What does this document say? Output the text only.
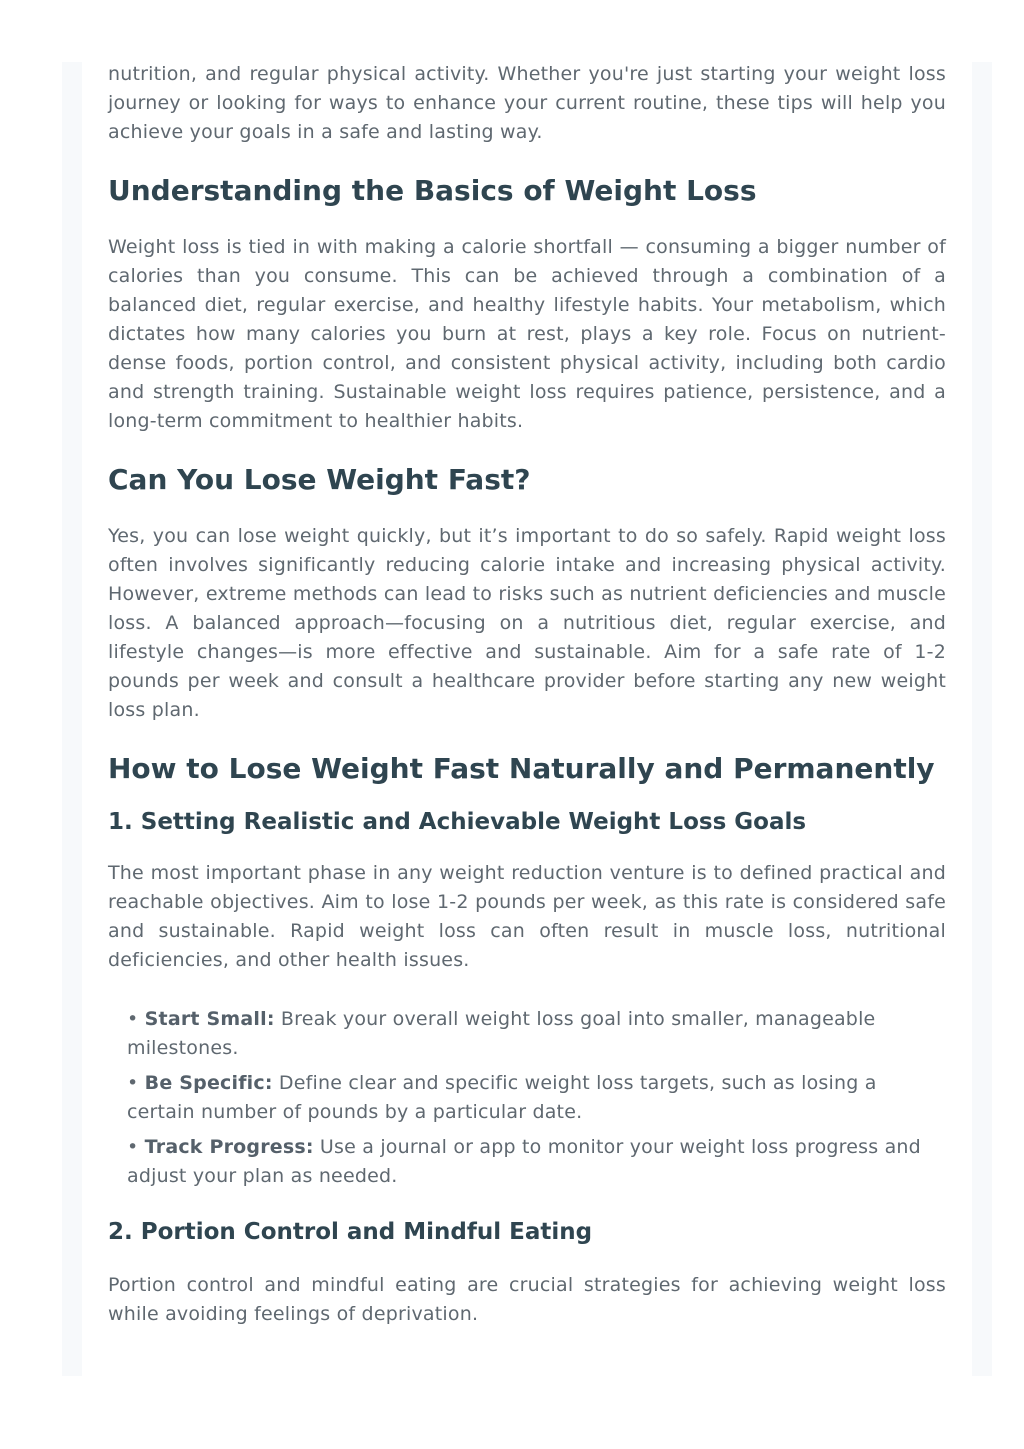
nutrition, and regular physical activity. Whether you're just starting your weight loss journey or looking for ways to enhance your current routine, these tips will help you achieve your goals in a safe and lasting way.

Understanding the Basics of Weight Loss

Weight loss is tied in with making a calorie shortfall — consuming a bigger number of calories than you consume. This can be achieved through a combination of a balanced diet, regular exercise, and healthy lifestyle habits. Your metabolism, which dictates how many calories you burn at rest, plays a key role. Focus on nutrient-dense foods, portion control, and consistent physical activity, including both cardio and strength training. Sustainable weight loss requires patience, persistence, and a long-term commitment to healthier habits.

Can You Lose Weight Fast?

Yes, you can lose weight quickly, but it’s important to do so safely. Rapid weight loss often involves significantly reducing calorie intake and increasing physical activity. However, extreme methods can lead to risks such as nutrient deficiencies and muscle loss. A balanced approach—focusing on a nutritious diet, regular exercise, and lifestyle changes—is more effective and sustainable. Aim for a safe rate of 1-2 pounds per week and consult a healthcare provider before starting any new weight loss plan.

How to Lose Weight Fast Naturally and Permanently
1. Setting Realistic and Achievable Weight Loss Goals

The most important phase in any weight reduction venture is to defined practical and reachable objectives. Aim to lose 1-2 pounds per week, as this rate is considered safe and sustainable. Rapid weight loss can often result in muscle loss, nutritional deficiencies, and other health issues.

• Start Small: Break your overall weight loss goal into smaller, manageable milestones.
• Be Specific: Define clear and specific weight loss targets, such as losing a certain number of pounds by a particular date.
• Track Progress: Use a journal or app to monitor your weight loss progress and adjust your plan as needed.
2. Portion Control and Mindful Eating

Portion control and mindful eating are crucial strategies for achieving weight loss while avoiding feelings of deprivation.
